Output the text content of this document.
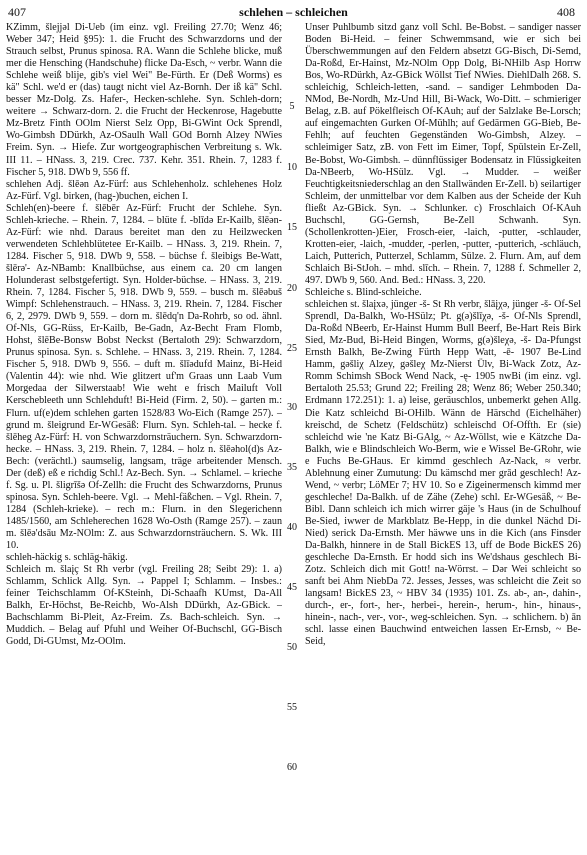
407	schlehen – schleichen	408

KZimm, šlejjəl Di-Ueb (im einz. vgl. Freiling 27.70; Wenz 46; Weber 347; Heid §95): 1. die Frucht des Schwarzdorns und der Strauch selbst, Prunus spinosa. RA. Wann die Schlehe blicke, muß mer die Hensching (Handschuhe) flicke Da-Esch, ~ verbr. Wann die Schlehe weiß blije, gib's viel Wei" Be-Fürth. Er (Deß Worms) es kä" Schl. we'd er (das) taugt nicht viel Az-Bornh. Der iß kä" Schl. besser Mz-Dolg. Zs. Hafer-, Hecken-schlehe. Syn. Schleh-dorn; weitere → Schwarz-dorn. 2. die Frucht der Heckenrose, Hagebutte Mz-Bretz Finth OOlm Nierst Selz Opp, Bi-GWint Ock Sprendl, Wo-Gimbsh DDürkh, Az-OSaulh Wall GOd Bornh Alzey NWies Freim. Syn. → Hiefe. Zur wortgeographischen Verbreitung s. Wk. III 11. – HNass. 3, 219. Crec. 737. Kehr. 351. Rhein. 7, 1283 f. Fischer 5, 918. DWb 9, 556 ff.

schlehen Adj. šlēən Az-Fürf: aus Schlehenholz. schlehenes Holz Az-Fürf. Vgl. birken, (hag-)buchen, eichen I.

Schleh(en)-beere f. šlēbēr Az-Fürf: Frucht der Schlehe. Syn. Schleh-krieche. – Rhein. 7, 1284. – blüte f. -blīdə Er-Kailb, šlēən- Az-Fürf: wie nhd. Daraus bereitet man den zu Heilzwecken verwendeten Schlehblütetee Er-Kailb. – HNass. 3, 219. Rhein. 7, 1284. Fischer 5, 918. DWb 9, 558. – büchse f. šleibigs Be-Watt, šlērə'- Az-NBamb: Knallbüchse, aus einem ca. 20 cm langen Holunderast selbstgefertigt. Syn. Holder-büchse. – HNass. 3, 219. Rhein. 7, 1284. Fischer 5, 918. DWb 9, 559. – busch m. šlēəbuš Wimpf: Schlehenstrauch. – HNass. 3, 219. Rhein. 7, 1284. Fischer 6, 2, 2979. DWb 9, 559. – dorn m. šlēdq'n Da-Rohrb, so od. ähnl. Of-Nls, GG-Rüss, Er-Kailb, Be-Gadn, Az-Becht Fram Flomb, Hohst, šlēBe-Bonsw Bobst Neckst (Bertaloth 29): Schwarzdorn, Prunus spinosa. Syn. s. Schlehe. – HNass. 3, 219. Rhein. 7, 1284. Fischer 5, 918. DWb 9, 556. – duft m. šlīədufd Mainz, Bi-Heid (Valentin 44): wie nhd. Wie glitzert uf'm Graas unn Laab Vum Morgedaa der Silwerstaab! Wie weht e frisch Mailuft Voll Kerschebleeth unn Schlehduft! Bi-Heid (Firm. 2, 50). – garten m.: Flurn. uf(e)dem schlehen garten 1528/83 Wo-Eich (Ramge 257). – grund m. šleigrund Er-WGesäß: Flurn. Syn. Schleh-tal. – hecke f. šlēheg Az-Fürf: H. von Schwarzdornsträuchern. Syn. Schwarzdorn-hecke. – HNass. 3, 219. Rhein. 7, 1284. – holz n. šlēəhol(d)s Az-Bech: (verächtl.) saumselig, langsam, träge arbeitender Mensch. Der (deß) eß e richdig Schl.! Az-Bech. Syn. → Schlamel. – krieche f. Sg. u. Pl. šligrīšə Of-Zellh: die Frucht des Schwarzdorns, Prunus spinosa. Syn. Schleh-beere. Vgl. → Mehl-fäßchen. – Vgl. Rhein. 7, 1284 (Schleh-krieke). – rech m.: Flurn. in den Slegerichenn 1485/1560, am Schleherechen 1628 Wo-Osth (Ramge 257). – zaun m. šlēə'dsāu Mz-NOlm: Z. aus Schwarzdornsträuchern. S. Wk. III 10.

schleh-häckig s. schläg-häkig.

Schleich m. šlaįç St Rh verbr (vgl. Freiling 28; Seibt 29): 1. a) Schlamm, Schlick Allg. Syn. → Pappel I; Schlamm. – Insbes.: feiner Teichschlamm Of-KSteinh, Di-Schaafh KUmst, Da-All Balkh, Er-Höchst, Be-Reichb, Wo-Alsh DDürkh, Az-GBick. – Bachschlamm Bi-Pleit, Az-Freim. Zs. Bach-schleich. Syn. → Muddich. – Belag auf Pfuhl und Weiher Of-Buchschl, GG-Bisch Godd, Di-GUmst, Mz-OOlm.

5
10
15
20
25
30
35
40
45
50
55
60

Unser Puhlbumb sitzd ganz voll Schl. Be-Bobst. – sandiger nasser Boden Bi-Heid. – feiner Schwemmsand, wie er sich bei Überschwemmungen auf den Feldern absetzt GG-Bisch, Di-Semd, Da-Roßd, Er-Hainst, Mz-NOlm Opp Dolg, Bi-NHilb Asp Horrw Bos, Wo-RDürkh, Az-GBick Wöllst Tief NWies. DiehlDalh 268. S. schleichig, Schleich-letten, -sand. – sandiger Lehmboden Da-NMod, Be-Nordh, Mz-Und Hill, Bi-Wack, Wo-Ditt. – schmieriger Belag, z.B. auf Pökelfleisch Of-KAuh; auf der Salzlake Be-Lorsch; auf eingemachten Gurken Of-Mühlh; auf Gedärmen GG-Bieb, Be-Fehlh; auf feuchten Gegenständen Wo-Gimbsh, Alzey. – schleimiger Satz, zB. von Fett im Eimer, Topf, Spülstein Er-Zell, Be-Bobst, Wo-Gimbsh. – dünnflüssiger Bodensatz in Flüssigkeiten Da-NBeerb, Wo-HSülz. Vgl. → Mudder. – weißer Feuchtigkeitsniederschlag an den Stallwänden Er-Zell. b) seilartiger Schleim, der unmittelbar vor dem Kalben aus der Scheide der Kuh fließt Az-GBick. Syn. → Schlunker. c) Froschlaich Of-KAuh Buchschl, GG-Gernsh, Be-Zell Schwanh. Syn. (Schollenkrotten-)Eier, Frosch-eier, -laich, -putter, -schlauder, Krotten-eier, -laich, -mudder, -perlen, -putter, -putterich, -schläuch, Laich, Putterich, Putterzel, Schlamm, Sülze. 2. Flurn. Am, auf dem Schlaich Bi-StJoh. – mhd. slīch. – Rhein. 7, 1288 f. Schmeller 2, 497. DWb 9, 560. And. Bed.: HNass. 3, 220.

Schleiche s. Blind-schleiche.

schleichen st. šlaįxə, jünger -š- St Rh verbr, šlāįχə, jünger -š- Of-Sel Sprendl, Da-Balkh, Wo-HSülz; Pt. g(ə)šlīχə, -š- Of-Nls Sprendl, Da-Roßd NBeerb, Er-Hainst Humm Bull Beerf, Be-Hart Reis Birk Sied, Mz-Bud, Bi-Heid Bingen, Worms, g(ə)šleχə, -š- Da-Pfungst Ernsth Balkh, Be-Zwing Fürth Hepp Watt, -ē- 1907 Be-Lind Hamm, gəšliχ Alzey, gəšleχ Mz-Nierst Ülv, Bi-Wack Zotz, Az-Romm Schimsh SBock Wend Nack, -ę- 1905 nwBi (im einz. vgl. Bertaloth 25.53; Grund 22; Freiling 28; Wenz 86; Weber 250.340; Erdmann 172.251): 1. a) leise, geräuschlos, unbemerkt gehen Allg. Die Katz schleichd Bi-OHilb. Wänn de Härschd (Eichelhäher) kreischd, de Schetz (Feldschütz) schleischd Of-Offth. Er (sie) schleichd wie 'ne Katz Bi-GAlg, ~ Az-Wöllst, wie e Kätzche Da-Balkh, wie e Blindschleich Wo-Berm, wie e Wissel Be-GRohr, wie e Fuchs Be-GHaus. Er kimmd geschlech Az-Nack, ≈ verbr. Ablehnung einer Zumutung: Du kämschd mer grād geschlech! Az-Wend, ~ verbr; LöMEr 7; HV 10. So e Zigeinermensch kimmd mer geschleche! Da-Balkh. uf de Zähe (Zehe) schl. Er-WGesäß, ~ Be-Bibl. Dann schleich ich mich wirrer gäje 's Haus (in de Schulhouf Be-Sied, iwwer de Markblatz Be-Hepp, in die dunkel Nächd Di-Nied) serick Da-Ernsth. Mer häwwe uns in die Kich (ans Finsder Da-Balkh, hinnere in de Stall BickES 13, uff de Bode BickES 26) geschleche Da-Ernsth. Er hodd sich ins We'dshaus geschlech Bi-Zotz. Schleich dich mit Gott! na-Wörrst. – Dər Wei schleicht so sanft bei Ahm NiebDa 72. Jesses, Jesses, was schleicht die Zeit so langsam! BickES 23, ~ HBV 34 (1935) 101. Zs. ab-, an-, dahin-, durch-, er-, fort-, her-, herbei-, herein-, herum-, hin-, hinaus-, hinein-, nach-, ver-, vor-, weg-schleichen. Syn. → schlichern. b) ān schl. lasse einen Bauchwind entweichen lassen Er-Ernsb, ~ Be-Seid,
